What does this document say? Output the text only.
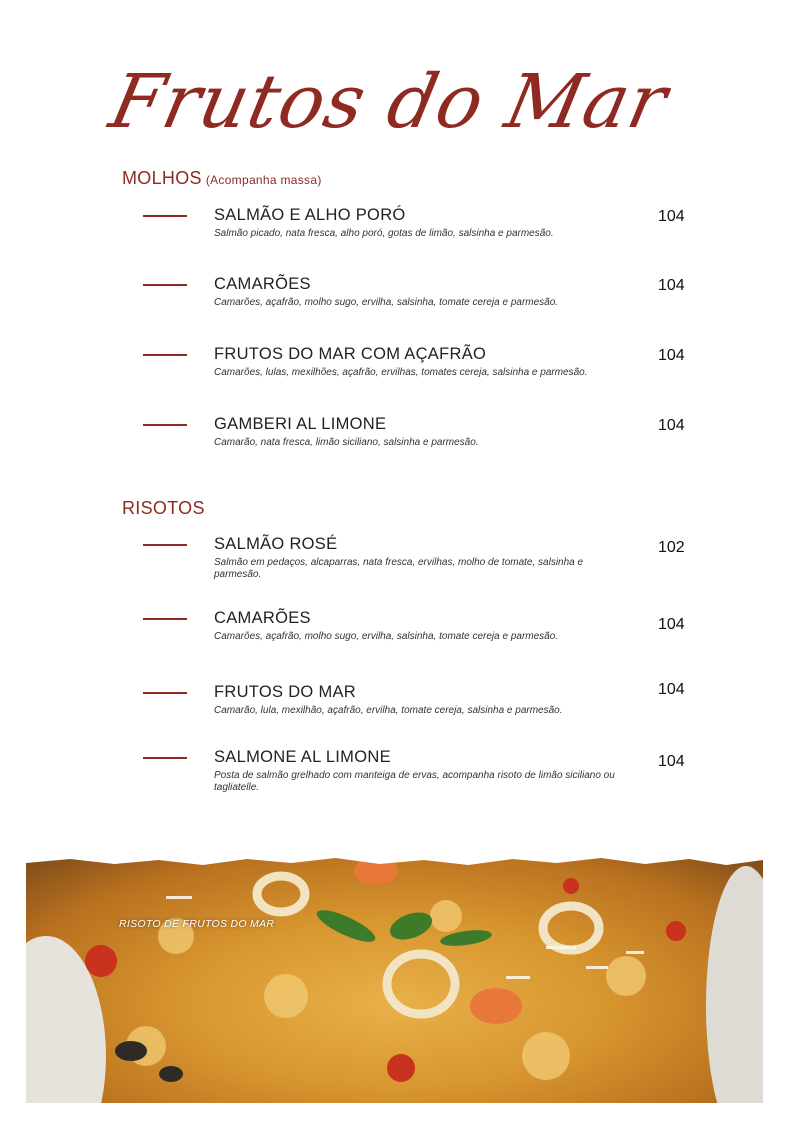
Frutos do Mar
MOLHOS (Acompanha massa)
SALMÃO E ALHO PORÓ
Salmão picado, nata fresca, alho poró, gotas de limão, salsinha e parmesão.
104
CAMARÕES
Camarões, açafrão, molho sugo, ervilha, salsinha, tomate cereja e parmesão.
104
FRUTOS DO MAR COM AÇAFRÃO
Camarões, lulas, mexilhões, açafrão, ervilhas, tomates cereja, salsinha e parmesão.
104
GAMBERI AL LIMONE
Camarão, nata fresca, limão siciliano, salsinha e parmesão.
104
RISOTOS
SALMÃO ROSÉ
Salmão em pedaços, alcaparras, nata fresca, ervilhas, molho de tomate, salsinha e parmesão.
102
CAMARÕES
Camarões, açafrão, molho sugo, ervilha, salsinha, tomate cereja e parmesão.
104
FRUTOS DO MAR
Camarão, lula, mexilhão, açafrão, ervilha, tomate cereja, salsinha e parmesão.
104
SALMONE AL LIMONE
Posta de salmão grelhado com manteiga de ervas, acompanha risoto de limão siciliano ou tagliatelle.
104
RISOTO DE FRUTOS DO MAR
